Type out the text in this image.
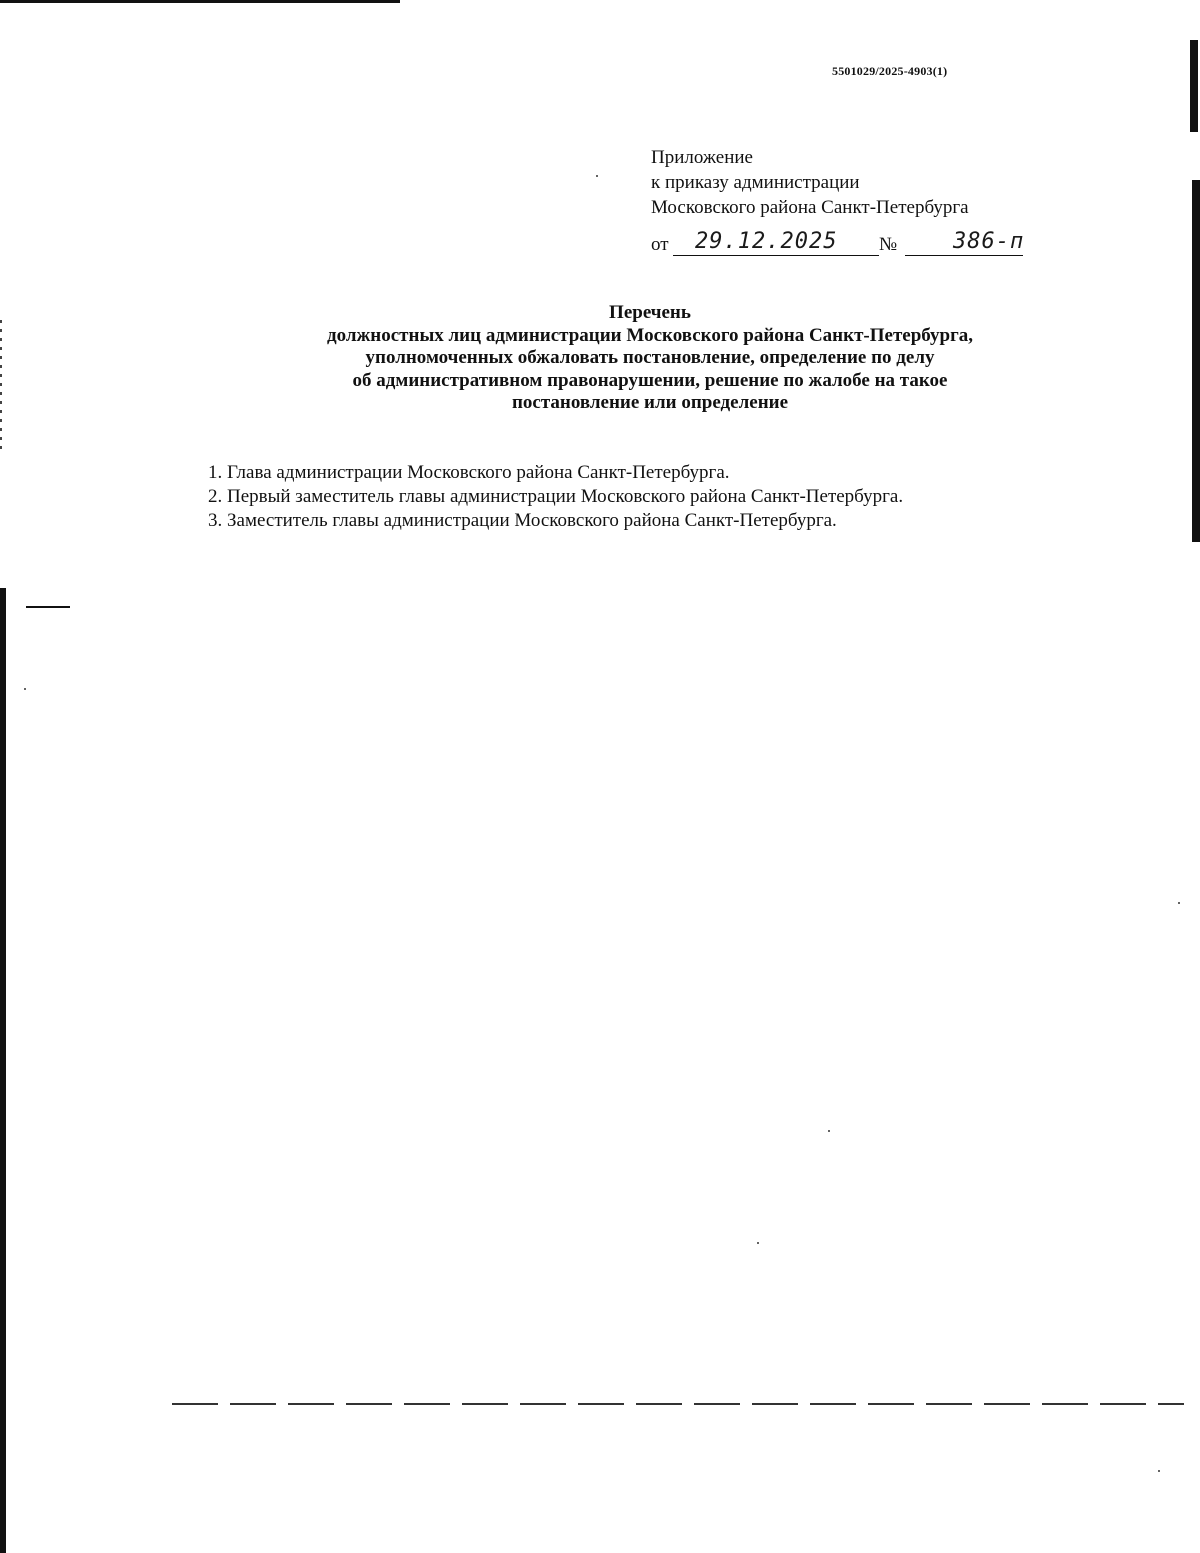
5501029/2025-4903(1)
Приложение
к приказу администрации
Московского района Санкт-Петербурга
от 29.12.2025 №	386-п
Перечень
должностных лиц администрации Московского района Санкт-Петербурга,
уполномоченных обжаловать постановление, определение по делу
об административном правонарушении, решение по жалобе на такое
постановление или определение
1. Глава администрации Московского района Санкт-Петербурга.
2. Первый заместитель главы администрации Московского района Санкт-Петербурга.
3. Заместитель главы администрации Московского района Санкт-Петербурга.
